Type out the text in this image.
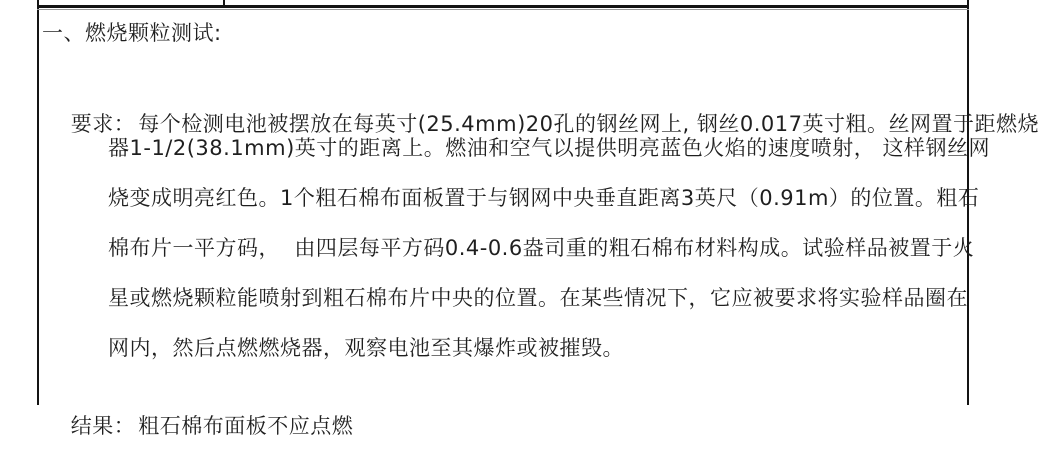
一、燃烧颗粒测试:

要求： 每个检测电池被摆放在每英寸(25.4mm)20孔的钢丝网上, 钢丝0.017英寸粗。丝网置于距燃烧

器1-1/2(38.1mm)英寸的距离上。燃油和空气以提供明亮蓝色火焰的速度喷射， 这样钢丝网
烧变成明亮红色。1个粗石棉布面板置于与钢网中央垂直距离3英尺（0.91m）的位置。粗石
棉布片一平方码，  由四层每平方码0.4-0.6盎司重的粗石棉布材料构成。试验样品被置于火
星或燃烧颗粒能喷射到粗石棉布片中央的位置。在某些情况下，它应被要求将实验样品圈在
网内，然后点燃燃烧器，观察电池至其爆炸或被摧毁。

结果： 粗石棉布面板不应点燃
